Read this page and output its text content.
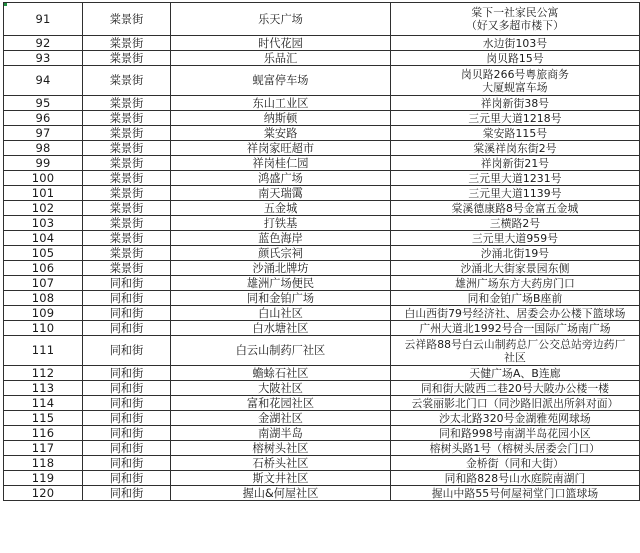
91	棠景街	乐天广场	棠下一社家民公寓
（好又多超市楼下）

92	棠景街	时代花园	水边街103号

93	棠景街	乐品汇	岗贝路15号

94	棠景街	蚬富停车场	岗贝路266号粤旅商务
大厦蚬富车场

95	棠景街	东山工业区	祥岗新街38号

96	棠景街	纳斯顿	三元里大道1218号

97	棠景街	棠安路	棠安路115号

98	棠景街	祥岗家旺超市	棠溪祥岗东街2号

99	棠景街	祥岗桂仁园	祥岗新街21号

100	棠景街	鸿盛广场	三元里大道1231号

101	棠景街	南天瑞霭	三元里大道1139号

102	棠景街	五金城	棠溪德康路8号金富五金城

103	棠景街	打铁基	三横路2号

104	棠景街	蓝色海岸	三元里大道959号

105	棠景街	颜氏宗祠	沙涌北街19号

106	棠景街	沙涌北牌坊	沙涌北大街家景园东侧

107	同和街	雄洲广场便民	雄洲广场东方大药房门口

108	同和街	同和金铂广场	同和金铂广场B座前

109	同和街	白山社区	白山西街79号经济社、居委会办公楼下篮球场

110	同和街	白水塘社区	广州大道北1992号合一国际广场南广场

111	同和街	白云山制药厂社区	云祥路88号白云山制药总厂公交总站旁边药厂
社区

112	同和街	蟾蜍石社区	天健广场A、B连廊

113	同和街	大陂社区	同和街大陂西二巷20号大陂办公楼一楼

114	同和街	富和花园社区	云裳丽影北门口（同沙路旧派出所斜对面）

115	同和街	金湖社区	沙太北路320号金湖雅苑网球场

116	同和街	南湖半岛	同和路998号南湖半岛花园小区

117	同和街	榕树头社区	榕树头路1号（榕树头居委会门口）

118	同和街	石桥头社区	金桥街（同和大街）

119	同和街	斯文井社区	同和路828号山水庭院南湖门

120	同和街	握山&何屋社区	握山中路55号何屋祠堂门口篮球场
